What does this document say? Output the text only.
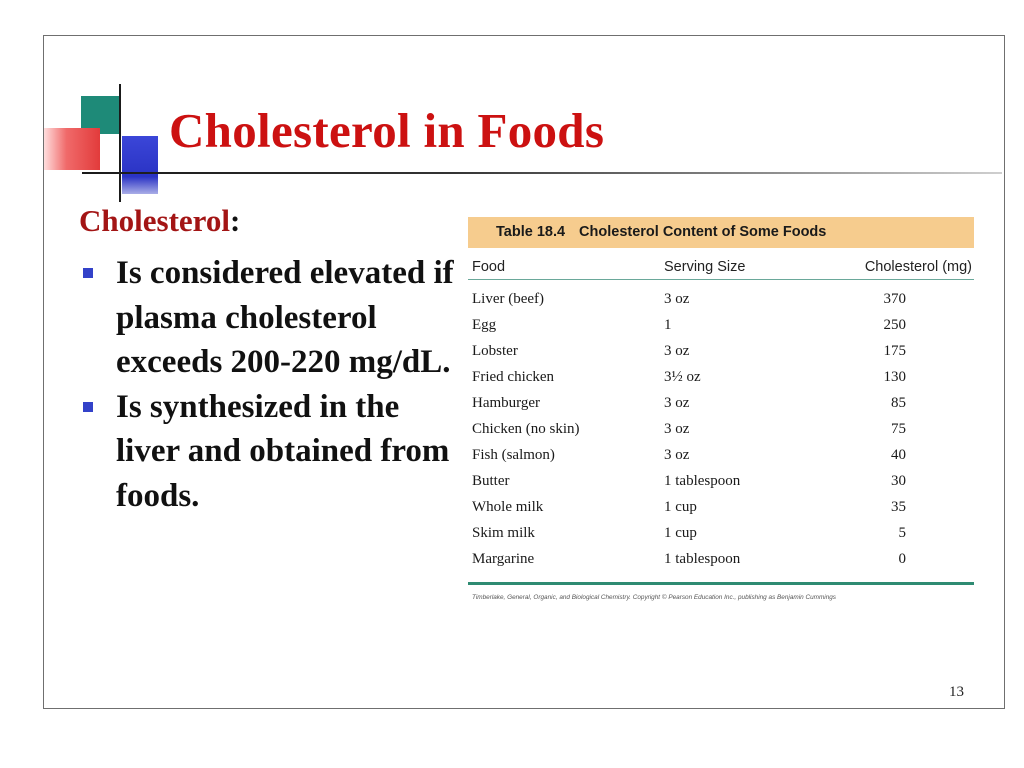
Cholesterol in Foods
Cholesterol:
Is considered elevated if plasma cholesterol exceeds 200-220 mg/dL.
Is synthesized in the liver and obtained from foods.
Table 18.4 Cholesterol Content of Some Foods
Food	Serving Size	Cholesterol (mg)
Liver (beef)	3 oz	370
Egg	1	250
Lobster	3 oz	175
Fried chicken	3½ oz	130
Hamburger	3 oz	85
Chicken (no skin)	3 oz	75
Fish (salmon)	3 oz	40
Butter	1 tablespoon	30
Whole milk	1 cup	35
Skim milk	1 cup	5
Margarine	1 tablespoon	0
Timberlake, General, Organic, and Biological Chemistry. Copyright © Pearson Education Inc., publishing as Benjamin Cummings
13
